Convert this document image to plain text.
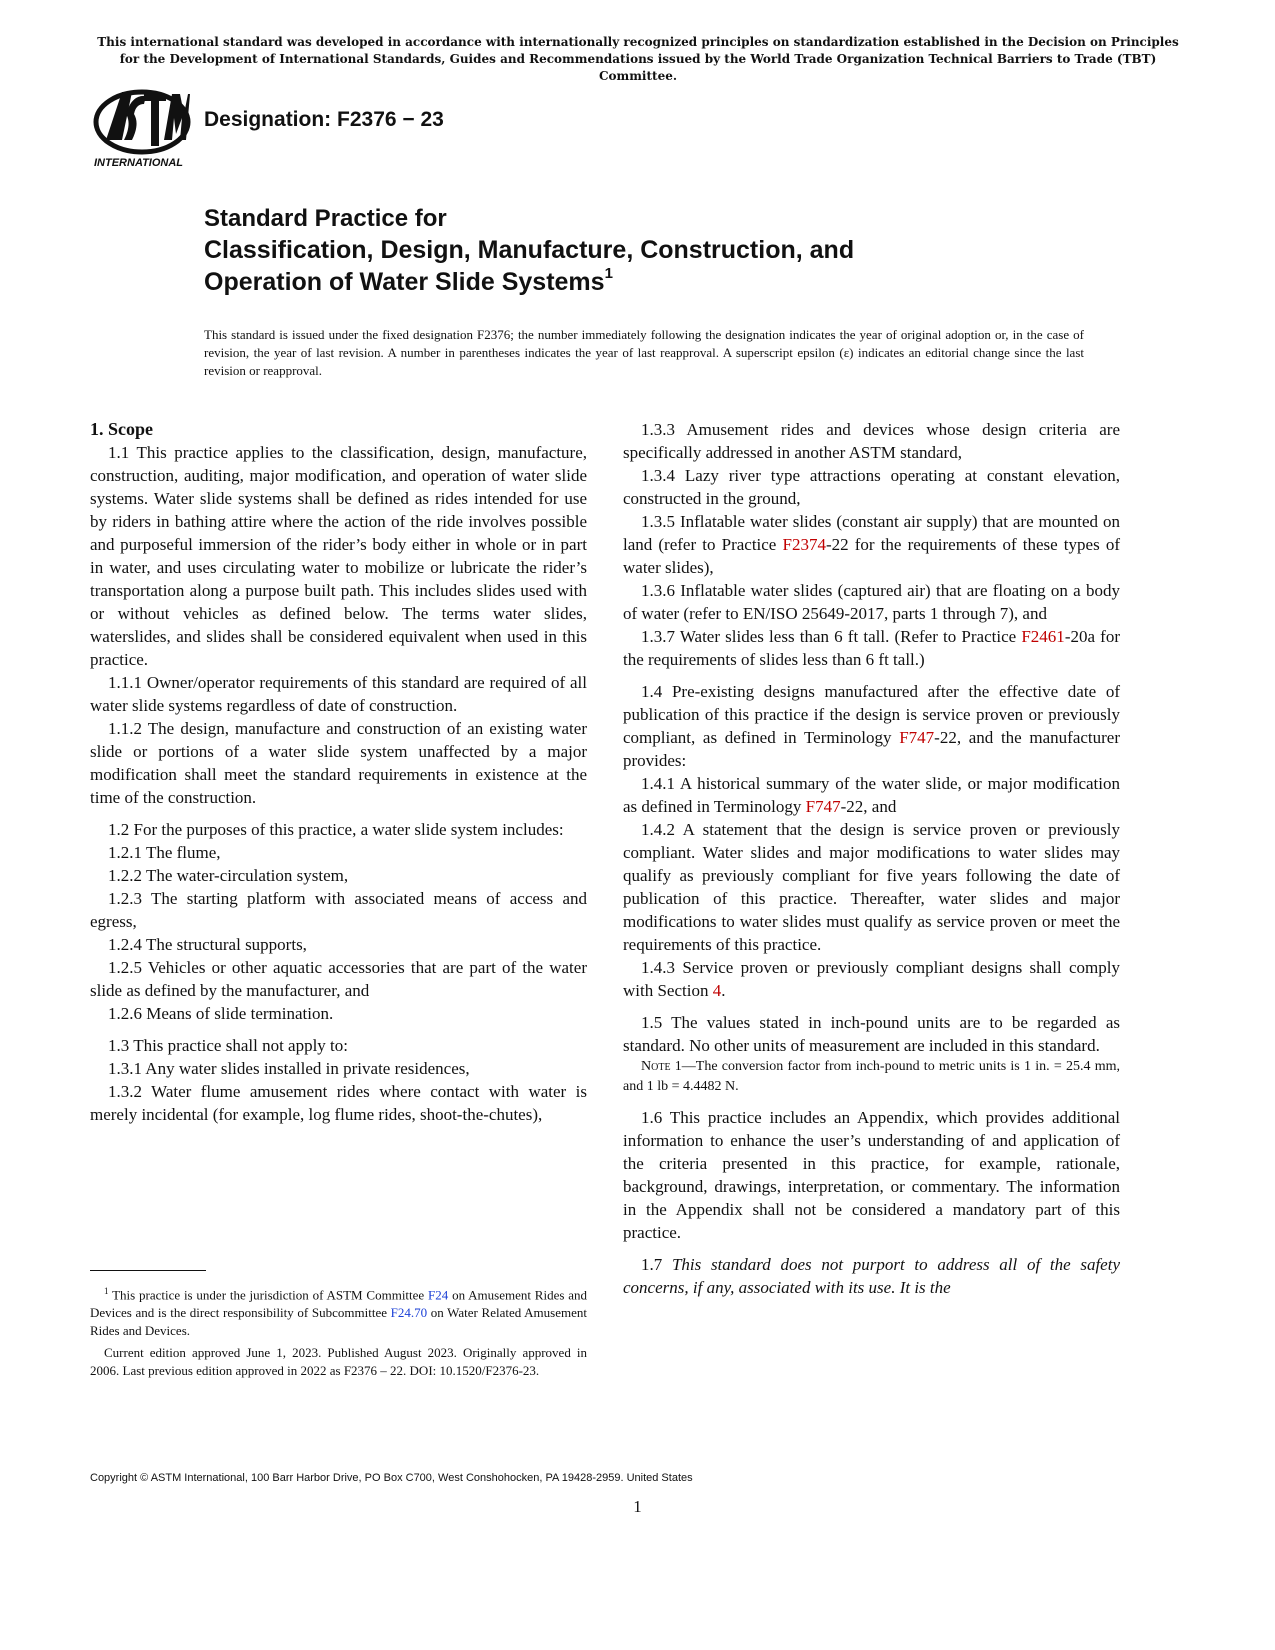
This international standard was developed in accordance with internationally recognized principles on standardization established in the Decision on Principles for the Development of International Standards, Guides and Recommendations issued by the World Trade Organization Technical Barriers to Trade (TBT) Committee.
INTERNATIONAL
Designation: F2376 − 23
Standard Practice for
Classification, Design, Manufacture, Construction, and
Operation of Water Slide Systems$^1$
This standard is issued under the fixed designation F2376; the number immediately following the designation indicates the year of original adoption or, in the case of revision, the year of last revision. A number in parentheses indicates the year of last reapproval. A superscript epsilon (ε) indicates an editorial change since the last revision or reapproval.

1. Scope

1.1 This practice applies to the classification, design, manufacture, construction, auditing, major modification, and operation of water slide systems. Water slide systems shall be defined as rides intended for use by riders in bathing attire where the action of the ride involves possible and purposeful immersion of the rider’s body either in whole or in part in water, and uses circulating water to mobilize or lubricate the rider’s transportation along a purpose built path. This includes slides used with or without vehicles as defined below. The terms water slides, waterslides, and slides shall be considered equivalent when used in this practice.

1.1.1 Owner/operator requirements of this standard are required of all water slide systems regardless of date of construction.

1.1.2 The design, manufacture and construction of an existing water slide or portions of a water slide system unaffected by a major modification shall meet the standard requirements in existence at the time of the construction.

1.2 For the purposes of this practice, a water slide system includes:

1.2.1 The flume,

1.2.2 The water-circulation system,

1.2.3 The starting platform with associated means of access and egress,

1.2.4 The structural supports,

1.2.5 Vehicles or other aquatic accessories that are part of the water slide as defined by the manufacturer, and

1.2.6 Means of slide termination.

1.3 This practice shall not apply to:

1.3.1 Any water slides installed in private residences,

1.3.2 Water flume amusement rides where contact with water is merely incidental (for example, log flume rides, shoot-the-chutes),

1.3.3 Amusement rides and devices whose design criteria are specifically addressed in another ASTM standard,

1.3.4 Lazy river type attractions operating at constant elevation, constructed in the ground,

1.3.5 Inflatable water slides (constant air supply) that are mounted on land (refer to Practice F2374-22 for the requirements of these types of water slides),

1.3.6 Inflatable water slides (captured air) that are floating on a body of water (refer to EN/ISO 25649-2017, parts 1 through 7), and

1.3.7 Water slides less than 6 ft tall. (Refer to Practice F2461-20a for the requirements of slides less than 6 ft tall.)

1.4 Pre-existing designs manufactured after the effective date of publication of this practice if the design is service proven or previously compliant, as defined in Terminology F747-22, and the manufacturer provides:

1.4.1 A historical summary of the water slide, or major modification as defined in Terminology F747-22, and

1.4.2 A statement that the design is service proven or previously compliant. Water slides and major modifications to water slides may qualify as previously compliant for five years following the date of publication of this practice. Thereafter, water slides and major modifications to water slides must qualify as service proven or meet the requirements of this practice.

1.4.3 Service proven or previously compliant designs shall comply with Section 4.

1.5 The values stated in inch-pound units are to be regarded as standard. No other units of measurement are included in this standard.

Note 1—The conversion factor from inch-pound to metric units is 1 in. = 25.4 mm, and 1 lb = 4.4482 N.

1.6 This practice includes an Appendix, which provides additional information to enhance the user’s understanding of and application of the criteria presented in this practice, for example, rationale, background, drawings, interpretation, or commentary. The information in the Appendix shall not be considered a mandatory part of this practice.

1.7 This standard does not purport to address all of the safety concerns, if any, associated with its use. It is the

$^1$ This practice is under the jurisdiction of ASTM Committee F24 on Amusement Rides and Devices and is the direct responsibility of Subcommittee F24.70 on Water Related Amusement Rides and Devices.

Current edition approved June 1, 2023. Published August 2023. Originally approved in 2006. Last previous edition approved in 2022 as F2376 – 22. DOI: 10.1520/F2376-23.

Copyright © ASTM International, 100 Barr Harbor Drive, PO Box C700, West Conshohocken, PA 19428-2959. United States
1
